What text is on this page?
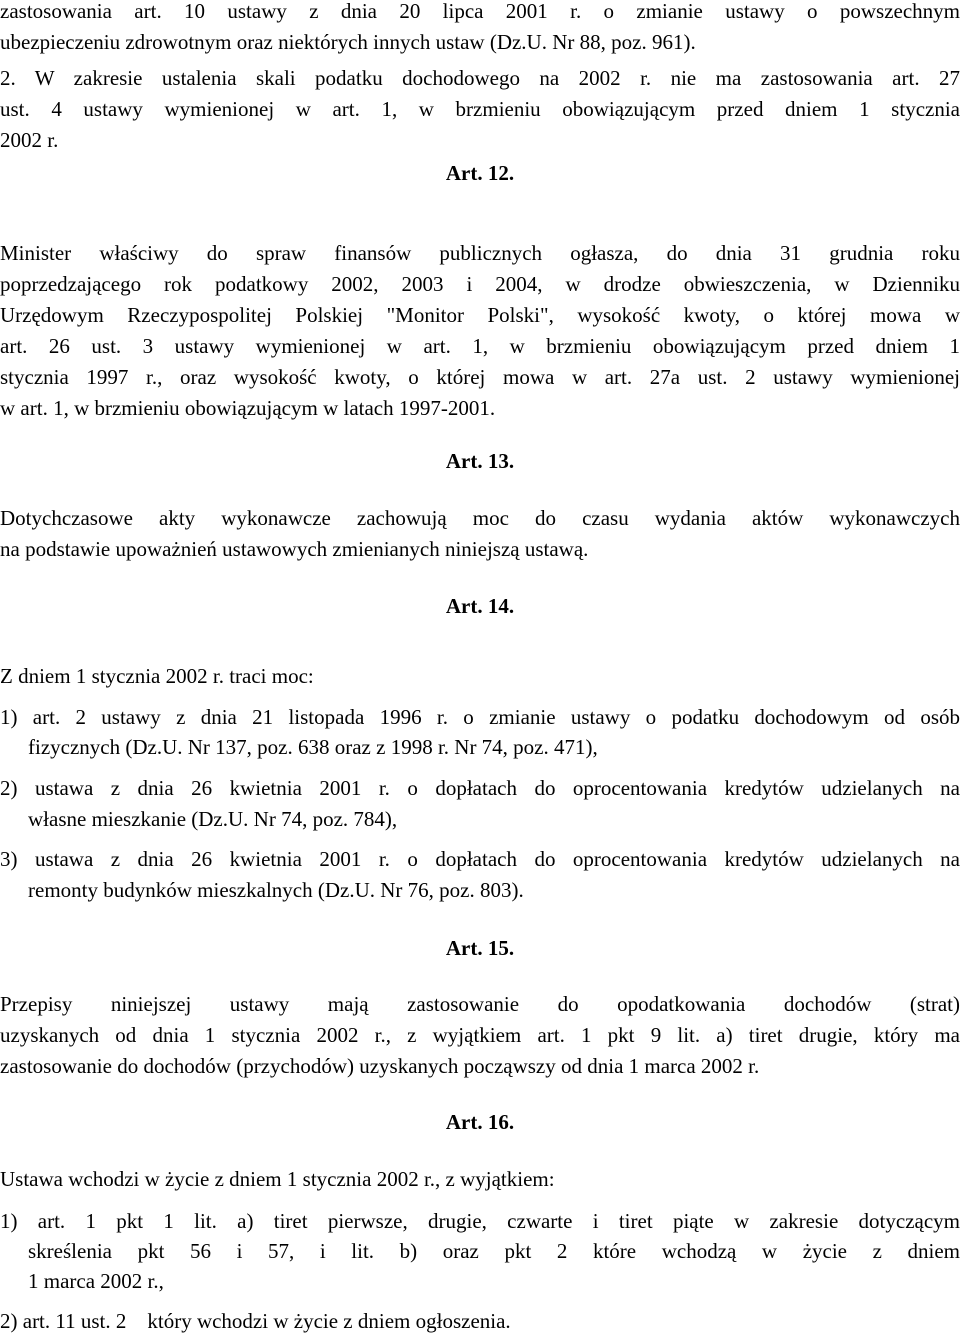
zastosowania art. 10 ustawy z dnia 20 lipca 2001 r. o zmianie ustawy o powszechnym

ubezpieczeniu zdrowotnym oraz niektórych innych ustaw (Dz.U. Nr 88, poz. 961).

2. W zakresie ustalenia skali podatku dochodowego na 2002 r. nie ma zastosowania art. 27

ust. 4 ustawy wymienionej w art. 1, w brzmieniu obowiązującym przed dniem 1 stycznia

2002 r.

Art. 12.

Minister właściwy do spraw finansów publicznych ogłasza, do dnia 31 grudnia roku

poprzedzającego rok podatkowy 2002, 2003 i 2004, w drodze obwieszczenia, w Dzienniku

Urzędowym Rzeczypospolitej Polskiej "Monitor Polski", wysokość kwoty, o której mowa w

art. 26 ust. 3 ustawy wymienionej w art. 1, w brzmieniu obowiązującym przed dniem 1

stycznia 1997 r., oraz wysokość kwoty, o której mowa w art. 27a ust. 2 ustawy wymienionej

w art. 1, w brzmieniu obowiązującym w latach 1997-2001.

Art. 13.

Dotychczasowe akty wykonawcze zachowują moc do czasu wydania aktów wykonawczych

na podstawie upoważnień ustawowych zmienianych niniejszą ustawą.

Art. 14.

Z dniem 1 stycznia 2002 r. traci moc:

1) art. 2 ustawy z dnia 21 listopada 1996 r. o zmianie ustawy o podatku dochodowym od osób

fizycznych (Dz.U. Nr 137, poz. 638 oraz z 1998 r. Nr 74, poz. 471),

2) ustawa z dnia 26 kwietnia 2001 r. o dopłatach do oprocentowania kredytów udzielanych na

własne mieszkanie (Dz.U. Nr 74, poz. 784),

3) ustawa z dnia 26 kwietnia 2001 r. o dopłatach do oprocentowania kredytów udzielanych na

remonty budynków mieszkalnych (Dz.U. Nr 76, poz. 803).

Art. 15.

Przepisy niniejszej ustawy mają zastosowanie do opodatkowania dochodów (strat)

uzyskanych od dnia 1 stycznia 2002 r., z wyjątkiem art. 1 pkt 9 lit. a) tiret drugie, który ma

zastosowanie do dochodów (przychodów) uzyskanych począwszy od dnia 1 marca 2002 r.

Art. 16.

Ustawa wchodzi w życie z dniem 1 stycznia 2002 r., z wyjątkiem:

1) art. 1 pkt 1 lit. a) tiret pierwsze, drugie, czwarte i tiret piąte w zakresie dotyczącym

skreślenia pkt 56 i 57, i lit. b) oraz pkt 2 które wchodzą w życie z dniem

1 marca 2002 r.,

2) art. 11 ust. 2    który wchodzi w życie z dniem ogłoszenia.
